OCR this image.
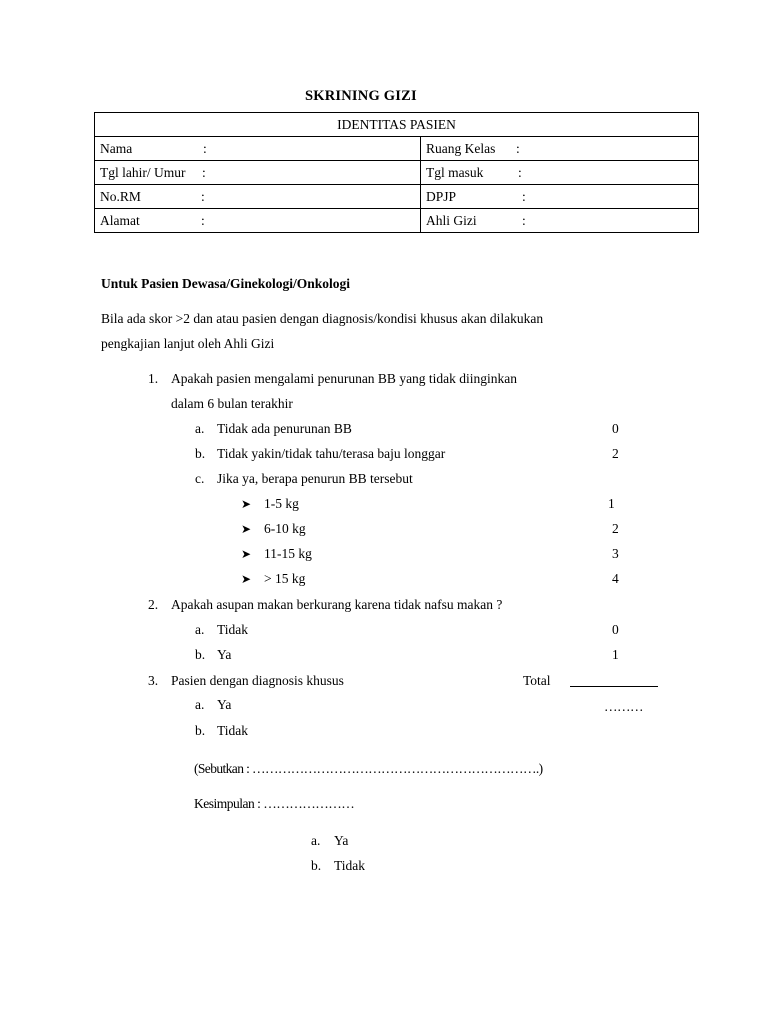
SKRINING GIZI
IDENTITAS PASIEN	

Nama :	Ruang Kelas :

Tgl lahir/ Umur :	Tgl masuk :

No.RM :	DPJP :

Alamat :	Ahli Gizi :
Untuk Pasien Dewasa/Ginekologi/Onkologi
Bila ada skor >2 dan atau pasien dengan diagnosis/kondisi khusus akan dilakukan
pengkajian lanjut oleh Ahli Gizi
1. Apakah pasien mengalami penurunan BB yang tidak diinginkan
dalam 6 bulan terakhir
a. Tidak ada penurunan BB	0
b. Tidak yakin/tidak tahu/terasa baju longgar	2
c. Jika ya, berapa penurun BB tersebut
➤ 1-5 kg	1
➤ 6-10 kg	2
➤ 11-15 kg	3
➤ > 15 kg	4
2. Apakah asupan makan berkurang karena tidak nafsu makan ?
a. Tidak	0
b. Ya	1
3. Pasien dengan diagnosis khusus	Total
a. Ya	………
b. Tidak
(Sebutkan : ………………………………………………………….)
Kesimpulan : …………………
a. Ya
b. Tidak
